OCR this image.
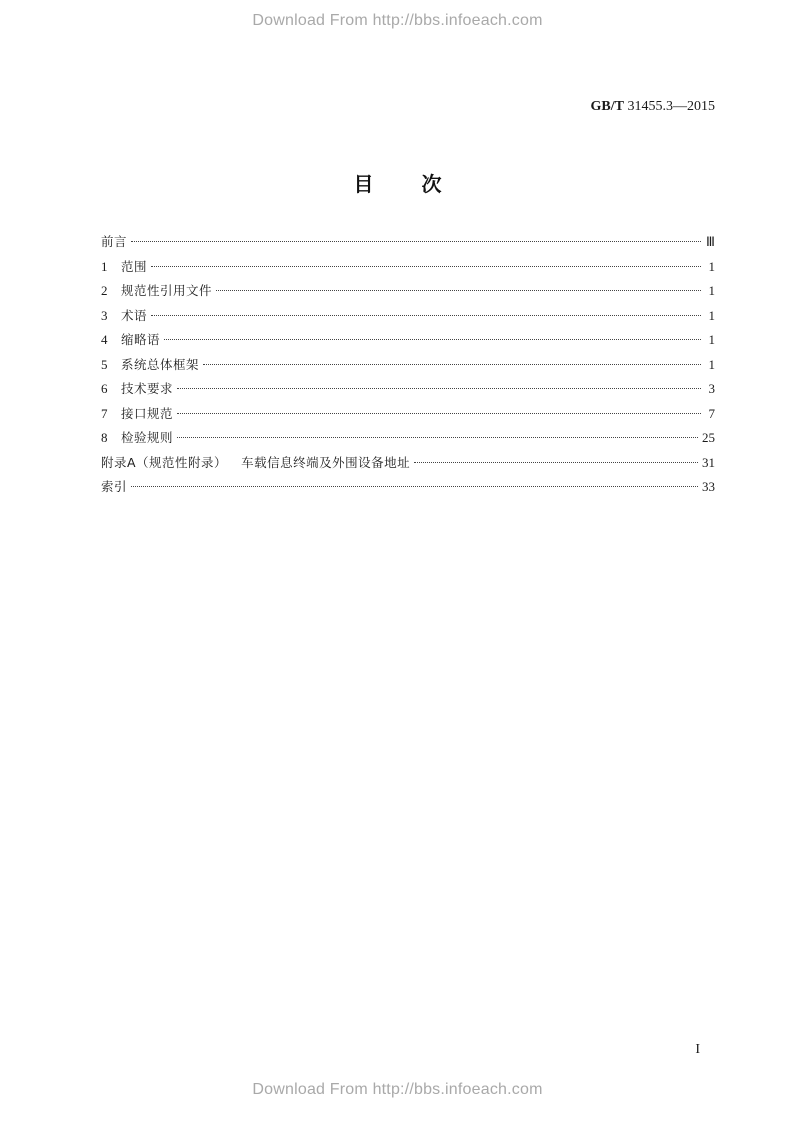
Download From http://bbs.infoeach.com
GB/T 31455.3—2015
目次
前言	Ⅲ
1	范围	1
2	规范性引用文件	1
3	术语	1
4	缩略语	1
5	系统总体框架	1
6	技术要求	3
7	接口规范	7
8	检验规则	25
附录A（规范性附录） 车载信息终端及外围设备地址	31
索引	33
I
Download From http://bbs.infoeach.com
